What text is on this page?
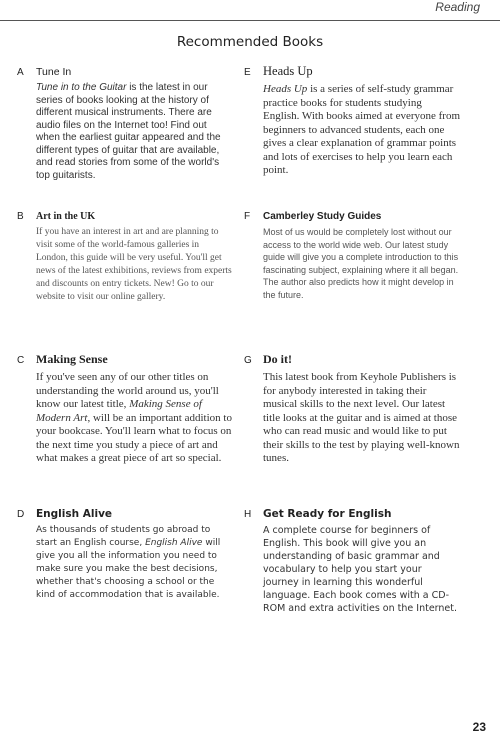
Reading
Recommended Books
A	Tune In
Tune in to the Guitar is the latest in our series of books looking at the history of different musical instruments. There are audio files on the Internet too! Find out when the earliest guitar appeared and the different types of guitar that are available, and read stories from some of the world's top guitarists.
E Heads Up
Heads Up is a series of self-study grammar practice books for students studying English. With books aimed at everyone from beginners to advanced students, each one gives a clear explanation of grammar points and lots of exercises to help you learn each point.
B	Art in the UK
If you have an interest in art and are planning to visit some of the world-famous galleries in London, this guide will be very useful. You'll get news of the latest exhibitions, reviews from experts and discounts on entry tickets. New! Go to our website to visit our online gallery.
F	Camberley Study Guides
Most of us would be completely lost without our access to the world wide web. Our latest study guide will give you a complete introduction to this fascinating subject, explaining where it all began. The author also predicts how it might develop in the future.
C Making Sense
If you've seen any of our other titles on understanding the world around us, you'll know our latest title, Making Sense of Modern Art, will be an important addition to your bookcase. You'll learn what to focus on the next time you study a piece of art and what makes a great piece of art so special.
G Do it!
This latest book from Keyhole Publishers is for anybody interested in taking their musical skills to the next level. Our latest title looks at the guitar and is aimed at those who can read music and would like to put their skills to the test by playing well-known tunes.
D	English Alive
As thousands of students go abroad to start an English course, English Alive will give you all the information you need to make sure you make the best decisions, whether that's choosing a school or the kind of accommodation that is available.
H	Get Ready for English
A complete course for beginners of English. This book will give you an understanding of basic grammar and vocabulary to help you start your journey in learning this wonderful language. Each book comes with a CD-ROM and extra activities on the Internet.
23
